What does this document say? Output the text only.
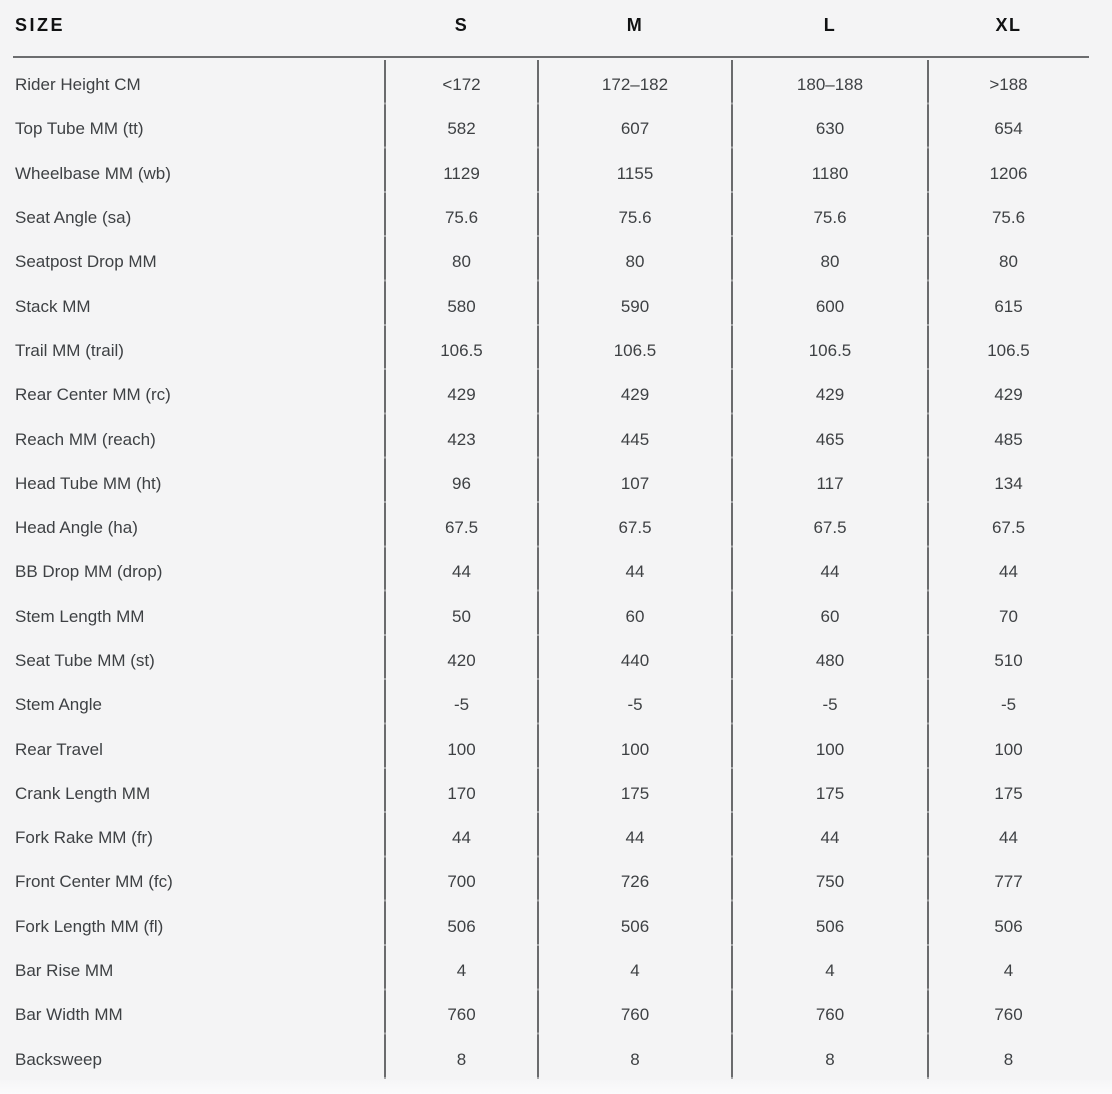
SIZE	S	M	L	XL
Rider Height CM	<172	172–182	180–188	>188
Top Tube MM (tt)	582	607	630	654
Wheelbase MM (wb)	1129	1155	1180	1206
Seat Angle (sa)	75.6	75.6	75.6	75.6
Seatpost Drop MM	80	80	80	80
Stack MM	580	590	600	615
Trail MM (trail)	106.5	106.5	106.5	106.5
Rear Center MM (rc)	429	429	429	429
Reach MM (reach)	423	445	465	485
Head Tube MM (ht)	96	107	117	134
Head Angle (ha)	67.5	67.5	67.5	67.5
BB Drop MM (drop)	44	44	44	44
Stem Length MM	50	60	60	70
Seat Tube MM (st)	420	440	480	510
Stem Angle	-5	-5	-5	-5
Rear Travel	100	100	100	100
Crank Length MM	170	175	175	175
Fork Rake MM (fr)	44	44	44	44
Front Center MM (fc)	700	726	750	777
Fork Length MM (fl)	506	506	506	506
Bar Rise MM	4	4	4	4
Bar Width MM	760	760	760	760
Backsweep	8	8	8	8
